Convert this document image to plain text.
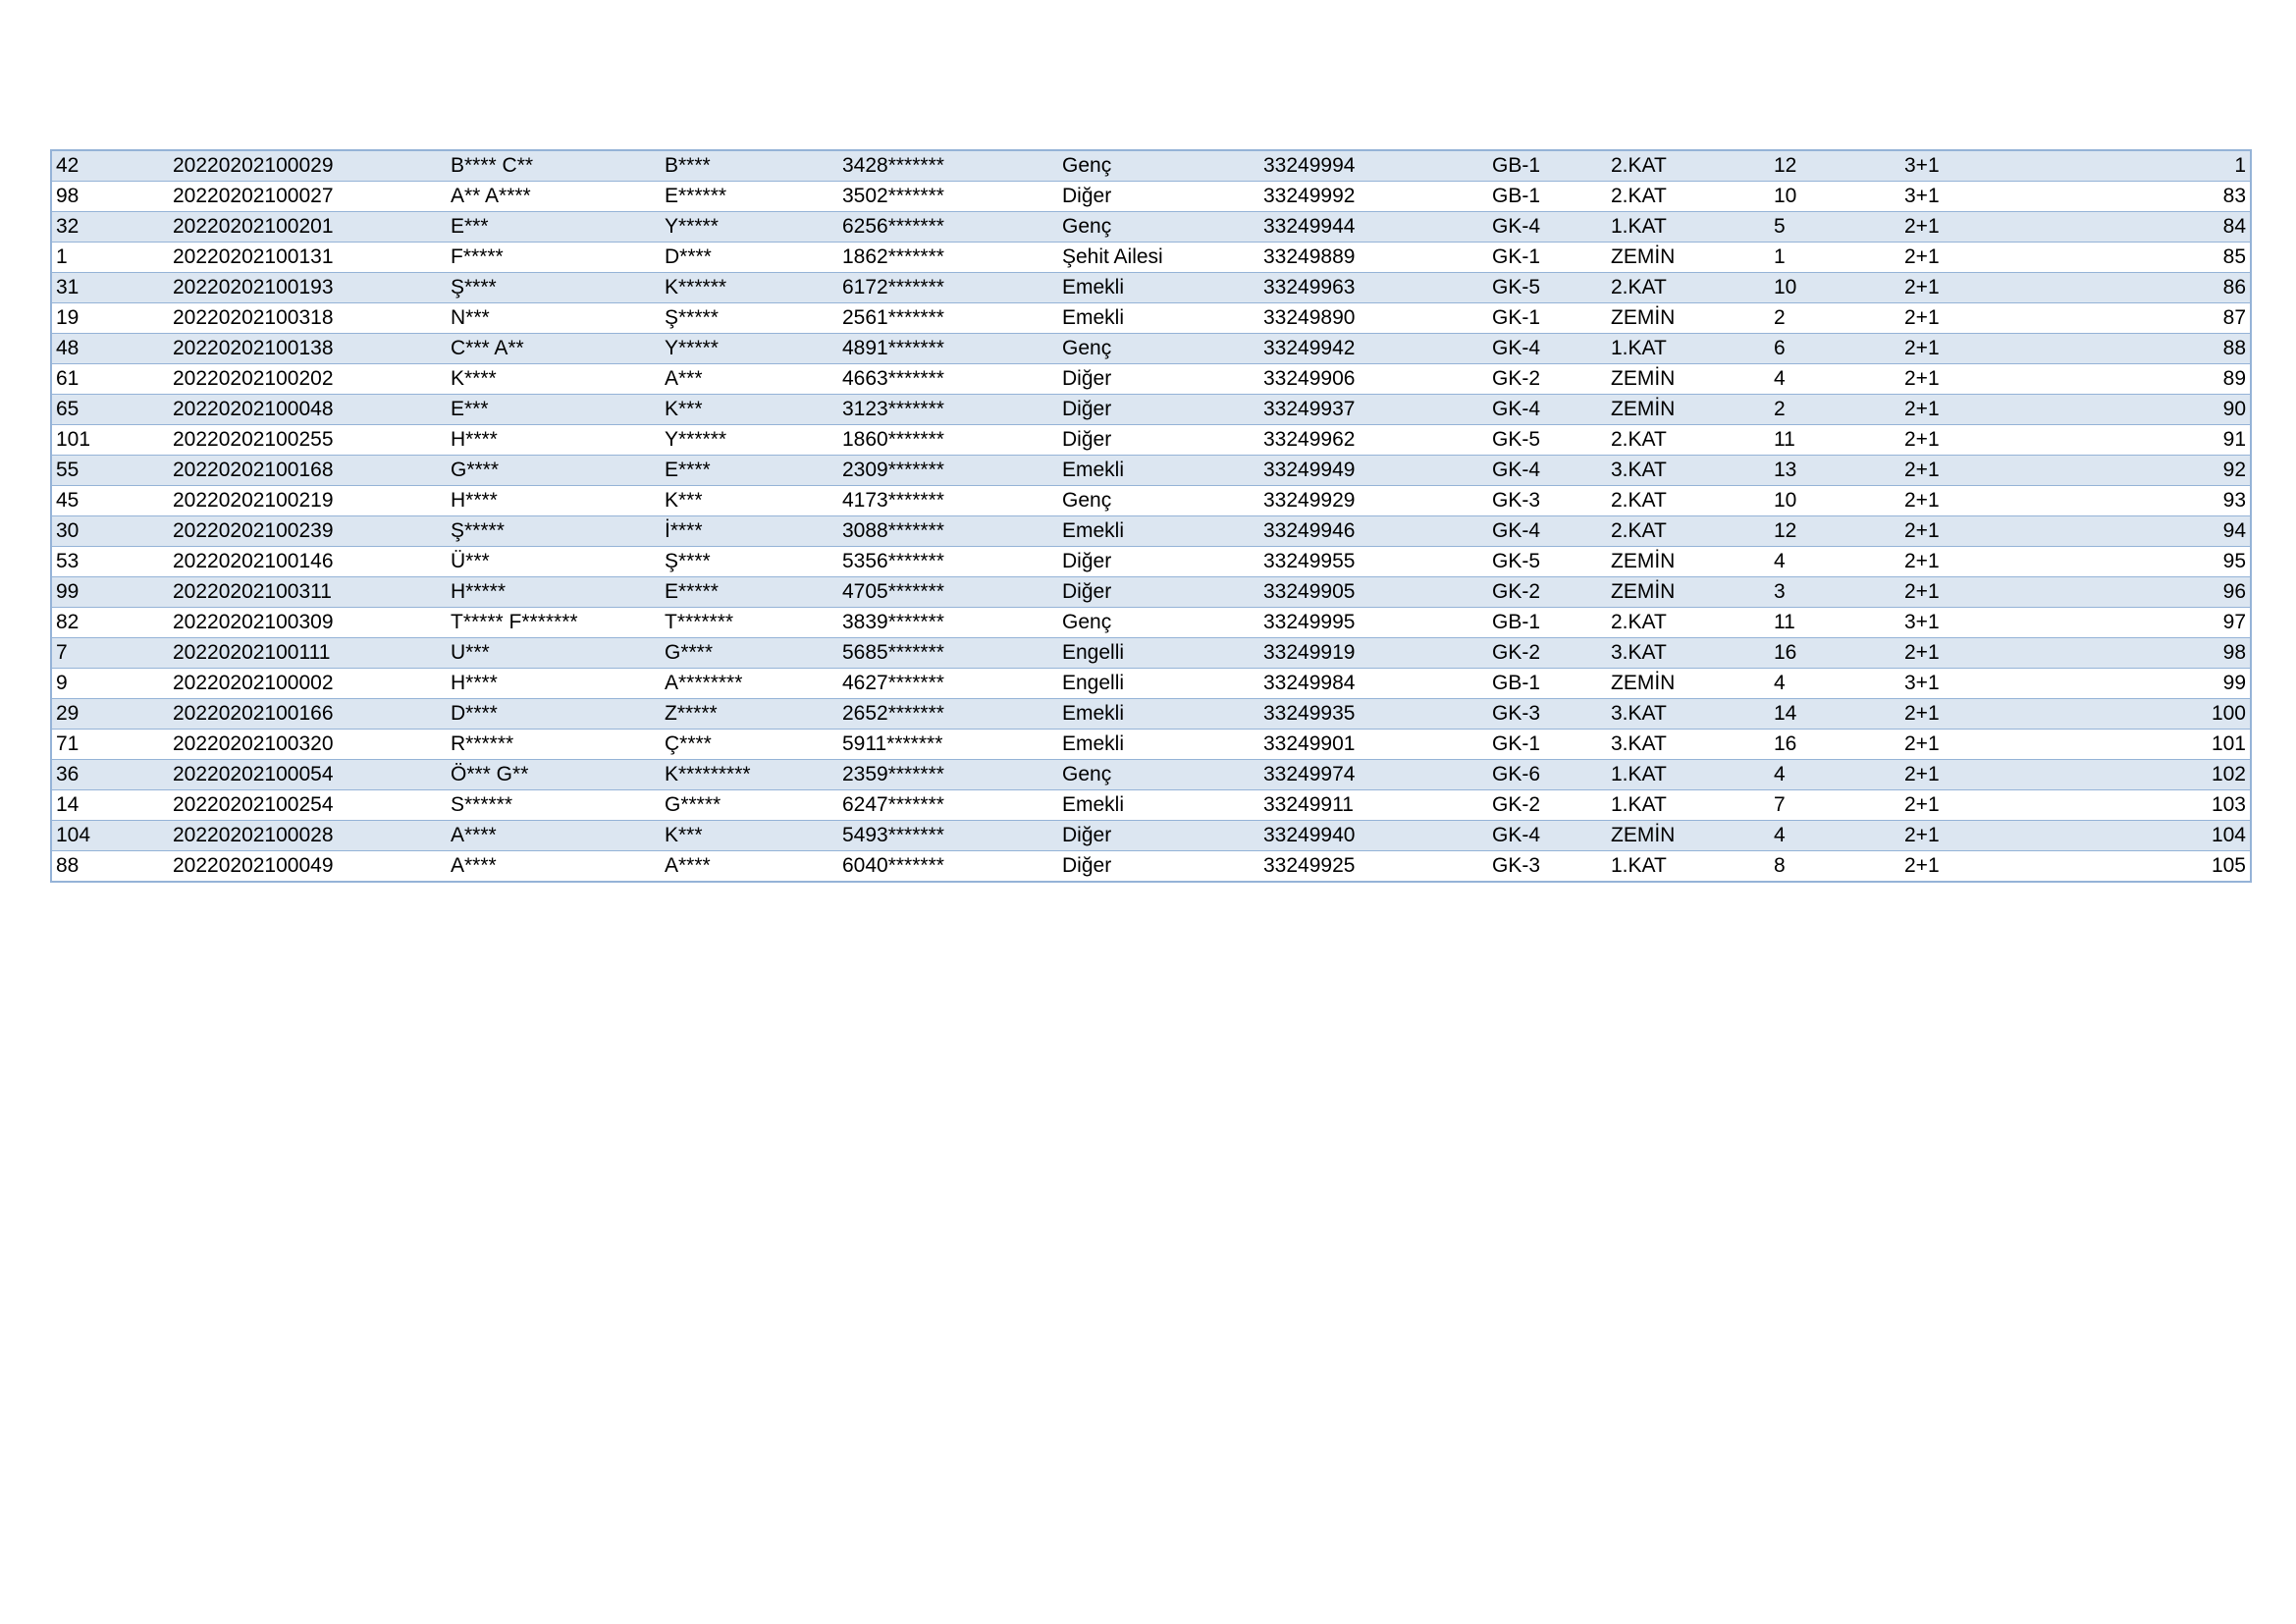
42	20220202100029	B**** C**	B****	3428*******	Genç	33249994	GB-1	2.KAT	12	3+1	1
98	20220202100027	A** A****	E******	3502*******	Diğer	33249992	GB-1	2.KAT	10	3+1	83
32	20220202100201	E***	Y*****	6256*******	Genç	33249944	GK-4	1.KAT	5	2+1	84
1	20220202100131	F*****	D****	1862*******	Şehit Ailesi	33249889	GK-1	ZEMİN	1	2+1	85
31	20220202100193	Ş****	K******	6172*******	Emekli	33249963	GK-5	2.KAT	10	2+1	86
19	20220202100318	N***	Ş*****	2561*******	Emekli	33249890	GK-1	ZEMİN	2	2+1	87
48	20220202100138	C*** A**	Y*****	4891*******	Genç	33249942	GK-4	1.KAT	6	2+1	88
61	20220202100202	K****	A***	4663*******	Diğer	33249906	GK-2	ZEMİN	4	2+1	89
65	20220202100048	E***	K***	3123*******	Diğer	33249937	GK-4	ZEMİN	2	2+1	90
101	20220202100255	H****	Y******	1860*******	Diğer	33249962	GK-5	2.KAT	11	2+1	91
55	20220202100168	G****	E****	2309*******	Emekli	33249949	GK-4	3.KAT	13	2+1	92
45	20220202100219	H****	K***	4173*******	Genç	33249929	GK-3	2.KAT	10	2+1	93
30	20220202100239	Ş*****	İ****	3088*******	Emekli	33249946	GK-4	2.KAT	12	2+1	94
53	20220202100146	Ü***	Ş****	5356*******	Diğer	33249955	GK-5	ZEMİN	4	2+1	95
99	20220202100311	H*****	E*****	4705*******	Diğer	33249905	GK-2	ZEMİN	3	2+1	96
82	20220202100309	T***** F*******	T*******	3839*******	Genç	33249995	GB-1	2.KAT	11	3+1	97
7	20220202100111	U***	G****	5685*******	Engelli	33249919	GK-2	3.KAT	16	2+1	98
9	20220202100002	H****	A********	4627*******	Engelli	33249984	GB-1	ZEMİN	4	3+1	99
29	20220202100166	D****	Z*****	2652*******	Emekli	33249935	GK-3	3.KAT	14	2+1	100
71	20220202100320	R******	Ç****	5911*******	Emekli	33249901	GK-1	3.KAT	16	2+1	101
36	20220202100054	Ö*** G**	K*********	2359*******	Genç	33249974	GK-6	1.KAT	4	2+1	102
14	20220202100254	S******	G*****	6247*******	Emekli	33249911	GK-2	1.KAT	7	2+1	103
104	20220202100028	A****	K***	5493*******	Diğer	33249940	GK-4	ZEMİN	4	2+1	104
88	20220202100049	A****	A****	6040*******	Diğer	33249925	GK-3	1.KAT	8	2+1	105
